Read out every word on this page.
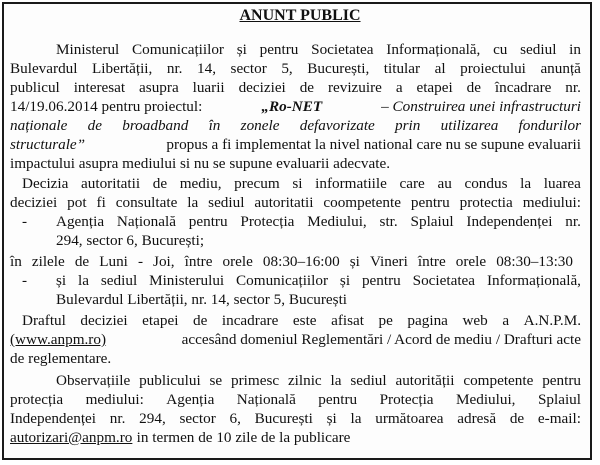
ANUNT PUBLIC
Ministerul Comunicațiilor și pentru Societatea Informațională, cu sediul in
Bulevardul Libertății, nr. 14, sector 5, București, titular al proiectului anunță
publicul interesat asupra luarii deciziei de revizuire a etapei de încadrare nr.
14/19.06.2014 pentru proiectul:	„Ro-NET	– Construirea unei infrastructuri
naționale de broadband în zonele defavorizate prin utilizarea fondurilor
structurale”	propus a fi implementat la nivel national care nu se supune evaluarii
impactului asupra mediului si nu se supune evaluarii adecvate.
Decizia autoritatii de mediu, precum si informatiile care au condus la luarea
deciziei pot fi consultate la sediul autoritatii coompetente pentru protectia mediului:
- Agenția Națională pentru Protecția Mediului, str. Splaiul Independenței nr.
294, sector 6, București;
în zilele de Luni - Joi, între orele 08:30–16:00 și Vineri între orele 08:30–13:30
- și la sediul Ministerului Comunicațiilor și pentru Societatea Informațională,
Bulevardul Libertății, nr. 14, sector 5, București
Draftul deciziei etapei de incadrare este afisat pe pagina web a A.N.P.M.
(www.anpm.ro)	accesând domeniul Reglementări / Acord de mediu / Drafturi acte
de reglementare.
Observațiile publicului se primesc zilnic la sediul autorității competente pentru
protecția mediului: Agenția Națională pentru Protecția Mediului, Splaiul
Independenței nr. 294, sector 6, București și la următoarea adresă de e-mail:
autorizari@anpm.ro in termen de 10 zile de la publicare
